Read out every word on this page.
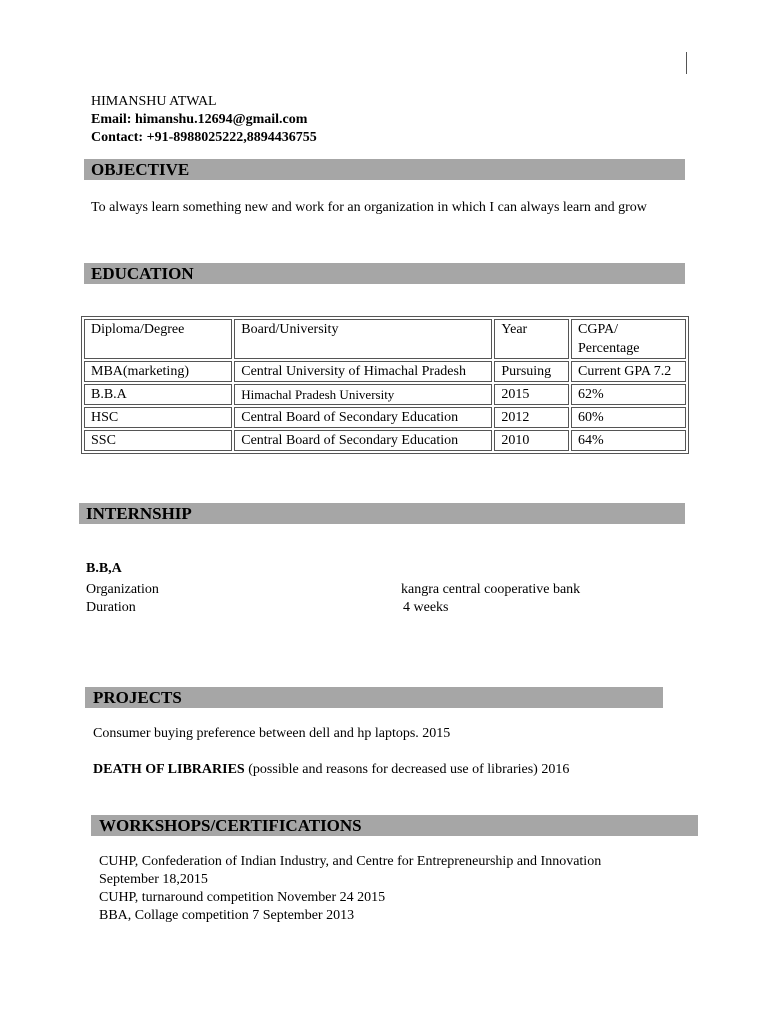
HIMANSHU ATWAL
Email: himanshu.12694@gmail.com
Contact: +91-8988025222,8894436755
OBJECTIVE
To always learn something new and work for an organization in which I can always learn and grow
EDUCATION
Diploma/Degree	Board/University	Year	CGPA/ Percentage
MBA(marketing)	Central University of Himachal Pradesh	Pursuing	Current GPA 7.2
B.B.A	Himachal Pradesh University	2015	62%
HSC	Central Board of Secondary Education	2012	60%
SSC	Central Board of Secondary Education	2010	64%
INTERNSHIP
B.B,A
Organization	kangra central cooperative bank
Duration	4 weeks
PROJECTS
Consumer buying preference between dell and hp laptops. 2015
DEATH OF LIBRARIES (possible and reasons for decreased use of libraries) 2016
WORKSHOPS/CERTIFICATIONS
CUHP, Confederation of Indian Industry, and Centre for Entrepreneurship and Innovation
September 18,2015
CUHP, turnaround competition November 24 2015
BBA, Collage competition 7 September 2013
